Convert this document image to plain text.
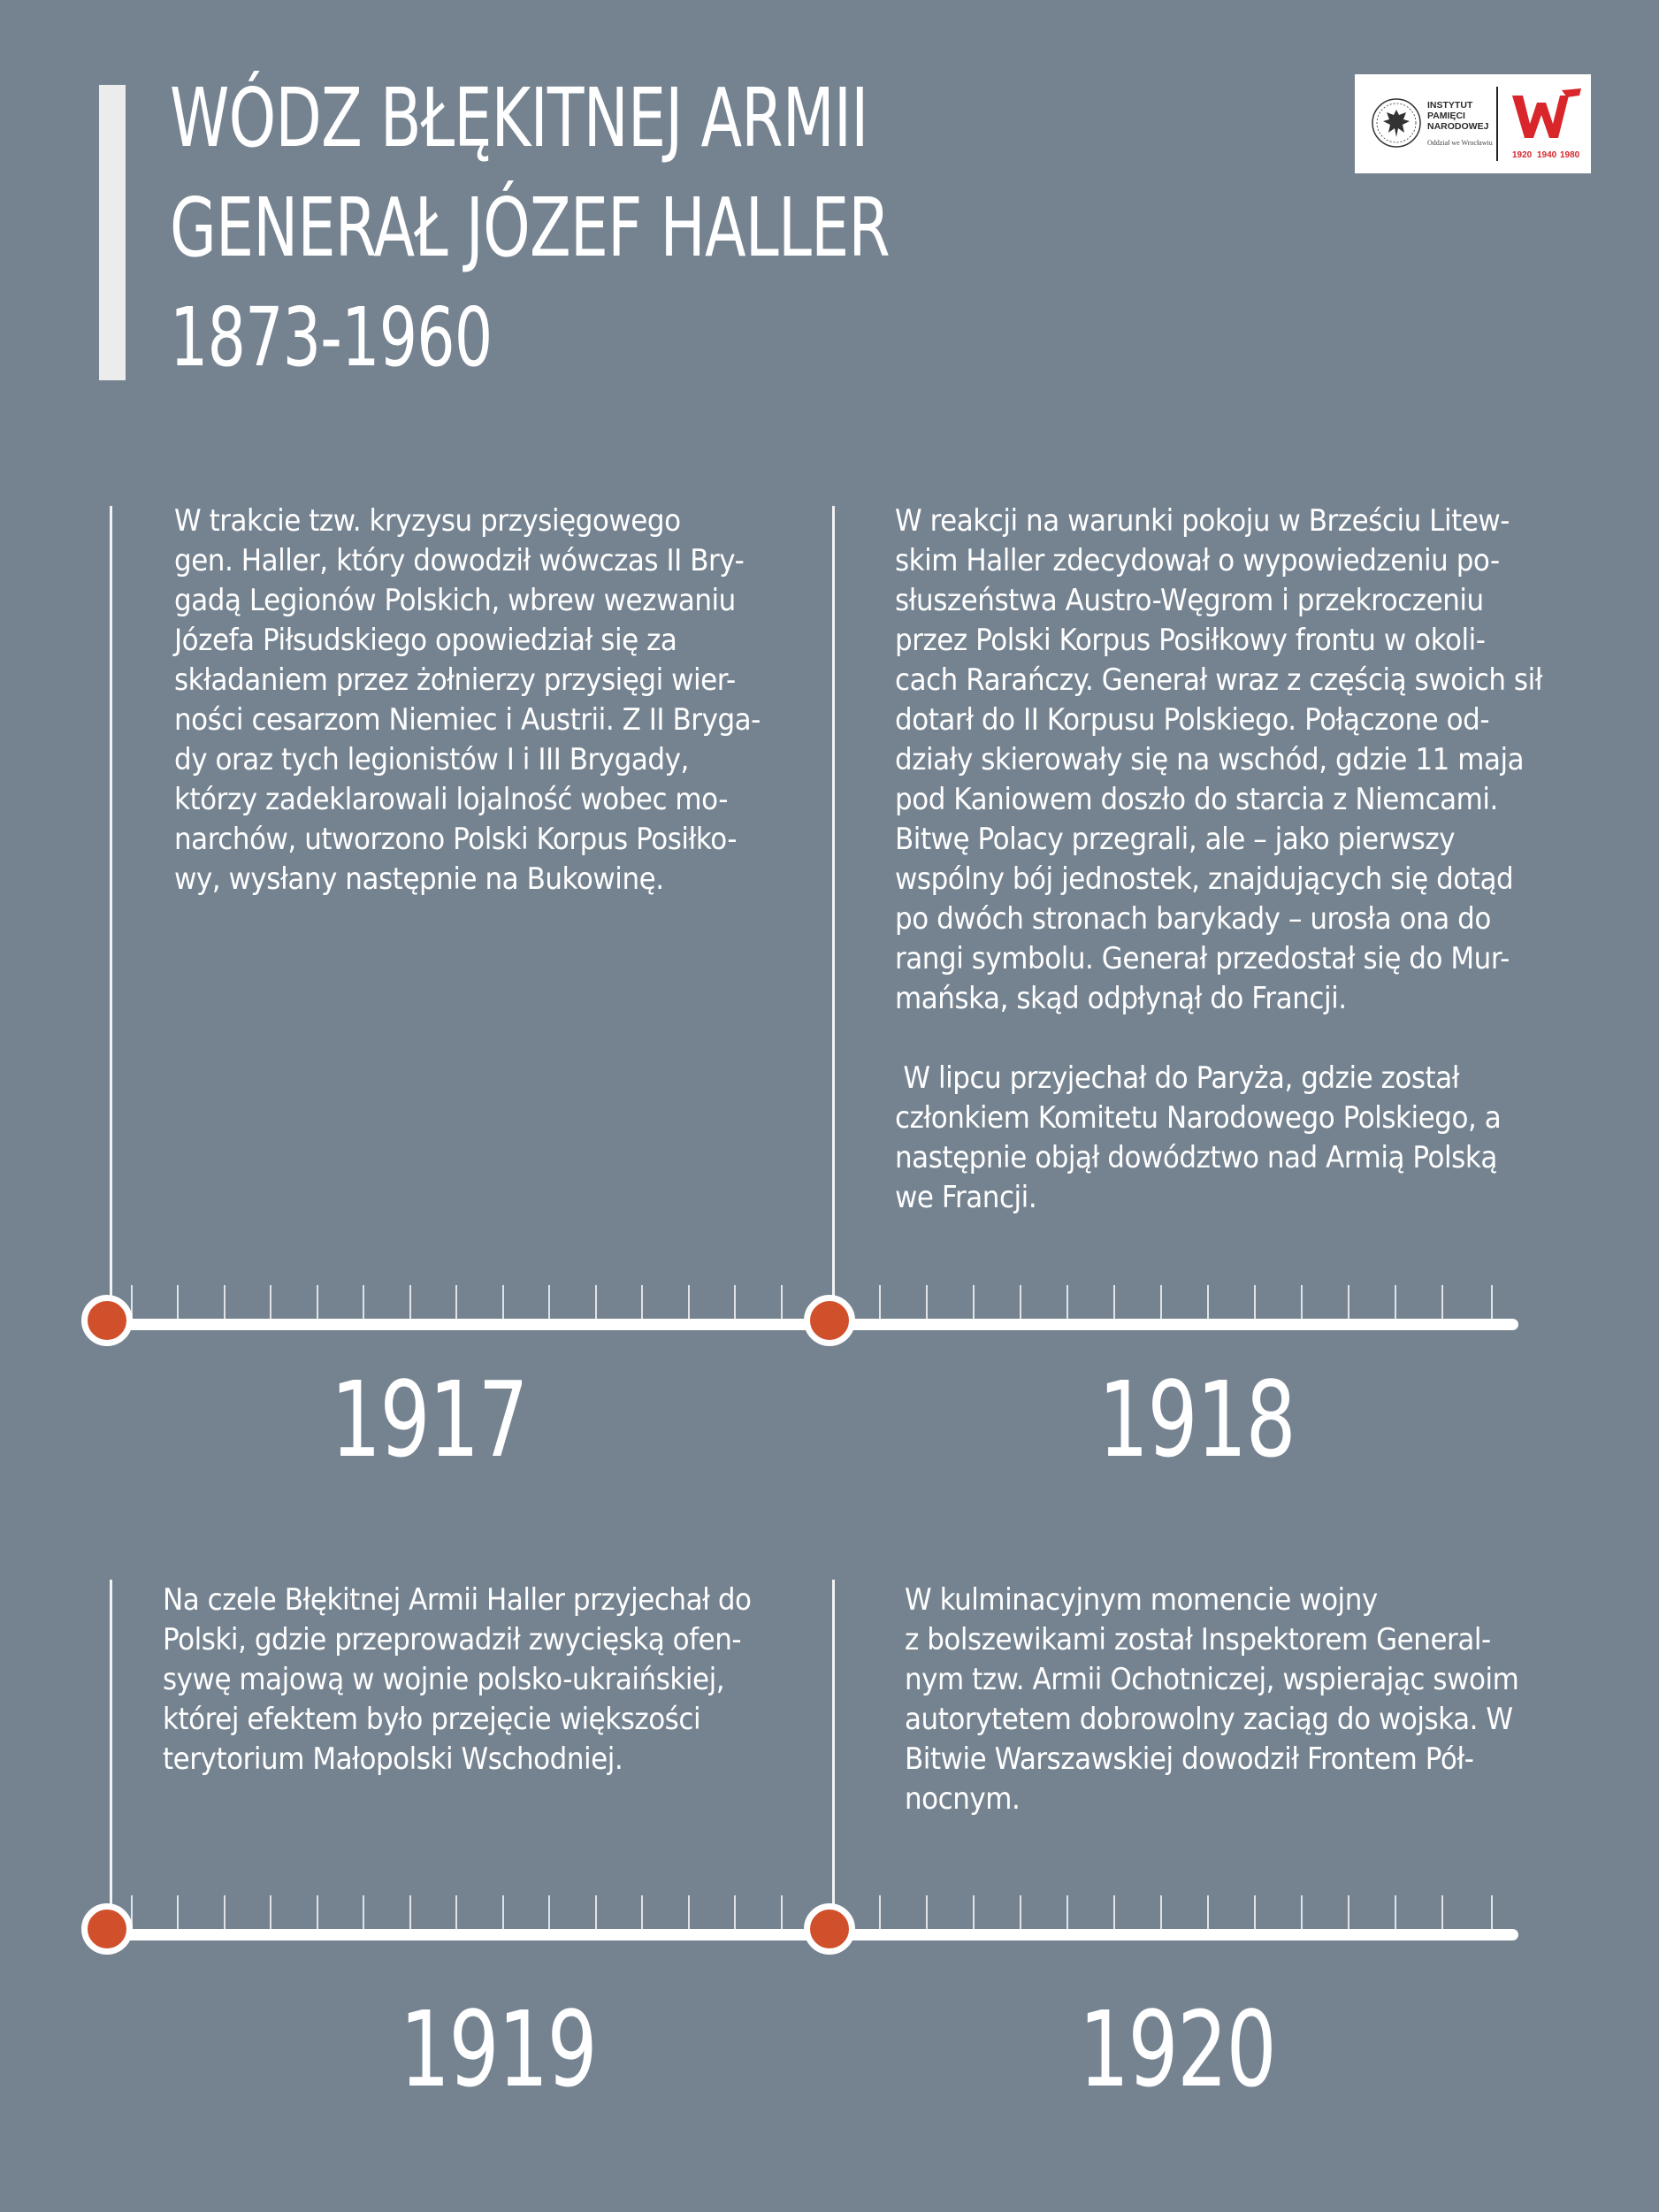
WÓDZ BŁĘKITNEJ ARMII
GENERAŁ JÓZEF HALLER
1873-1960
INSTYTUT
PAMIĘCI
NARODOWEJ
Oddział we Wrocławiu
1920 1940 1980

W trakcie tzw. kryzysu przysięgowego
gen. Haller, który dowodził wówczas II Bry-
gadą Legionów Polskich, wbrew wezwaniu
Józefa Piłsudskiego opowiedział się za
składaniem przez żołnierzy przysięgi wier-
ności cesarzom Niemiec i Austrii. Z II Bryga-
dy oraz tych legionistów I i III Brygady,
którzy zadeklarowali lojalność wobec mo-
narchów, utworzono Polski Korpus Posiłko-
wy, wysłany następnie na Bukowinę.

W reakcji na warunki pokoju w Brześciu Litew-
skim Haller zdecydował o wypowiedzeniu po-
słuszeństwa Austro-Węgrom i przekroczeniu
przez Polski Korpus Posiłkowy frontu w okoli-
cach Rarańczy. Generał wraz z częścią swoich sił
dotarł do II Korpusu Polskiego. Połączone od-
działy skierowały się na wschód, gdzie 11 maja
pod Kaniowem doszło do starcia z Niemcami.
Bitwę Polacy przegrali, ale – jako pierwszy
wspólny bój jednostek, znajdujących się dotąd
po dwóch stronach barykady – urosła ona do
rangi symbolu. Generał przedostał się do Mur-
mańska, skąd odpłynął do Francji.

W lipcu przyjechał do Paryża, gdzie został
członkiem Komitetu Narodowego Polskiego, a
następnie objął dowództwo nad Armią Polską
we Francji.

1917	1918

Na czele Błękitnej Armii Haller przyjechał do
Polski, gdzie przeprowadził zwycięską ofen-
sywę majową w wojnie polsko-ukraińskiej,
której efektem było przejęcie większości
terytorium Małopolski Wschodniej.

W kulminacyjnym momencie wojny
z bolszewikami został Inspektorem General-
nym tzw. Armii Ochotniczej, wspierając swoim
autorytetem dobrowolny zaciąg do wojska. W
Bitwie Warszawskiej dowodził Frontem Pół-
nocnym.

1919	1920
